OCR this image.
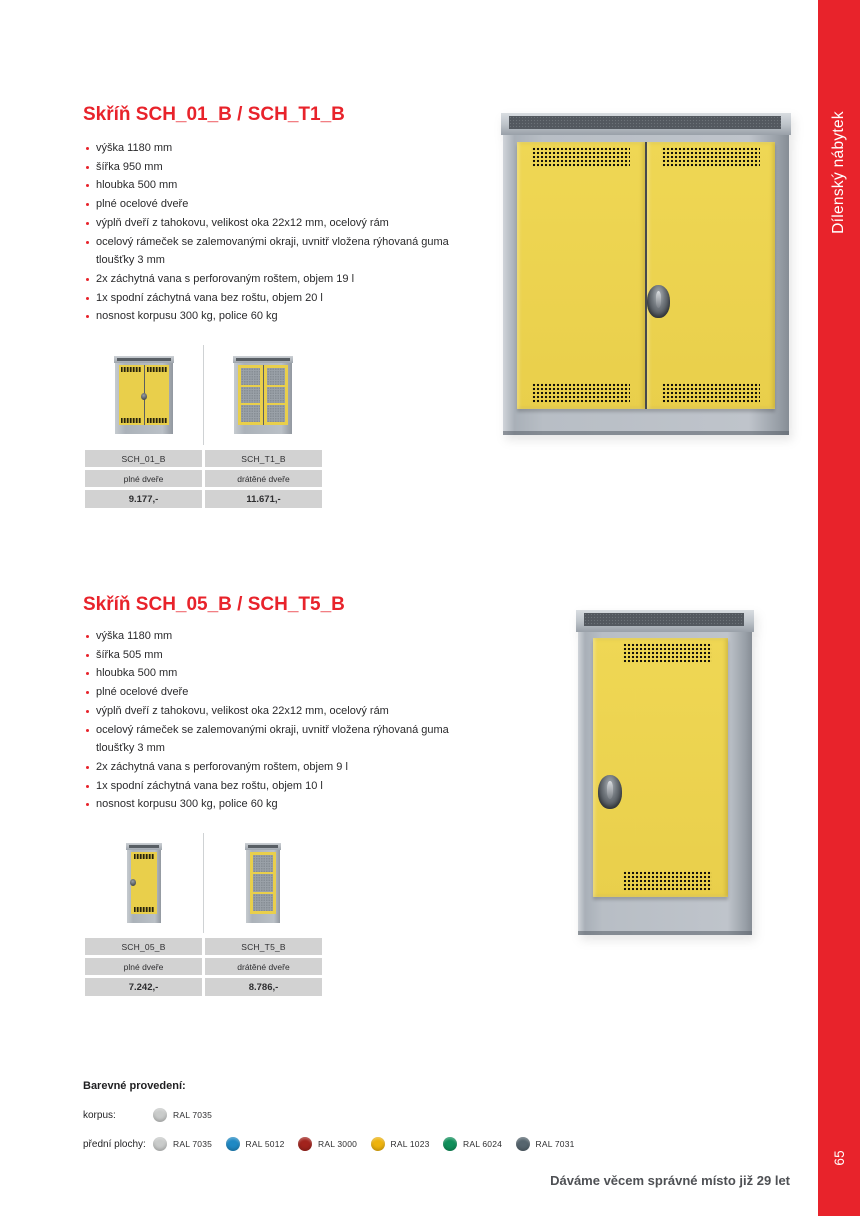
Dílenský nábytek
65
Skříň SCH_01_B / SCH_T1_B
výška 1180 mm
šířka 950 mm
hloubka 500 mm
plné ocelové dveře
výplň dveří z tahokovu, velikost oka 22x12 mm, ocelový rám
ocelový rámeček se zalemovanými okraji, uvnitř vložena rýhovaná guma tloušťky 3 mm
2x záchytná vana s perforovaným roštem, objem 19 l
1x spodní záchytná vana bez roštu, objem 20 l
nosnost korpusu 300 kg, police 60 kg
SCH_01_B	SCH_T1_B
plné dveře	drátěné dveře
9.177,-	11.671,-
Skříň SCH_05_B / SCH_T5_B
výška 1180 mm
šířka 505 mm
hloubka 500 mm
plné ocelové dveře
výplň dveří z tahokovu, velikost oka 22x12 mm, ocelový rám
ocelový rámeček se zalemovanými okraji, uvnitř vložena rýhovaná guma tloušťky 3 mm
2x záchytná vana s perforovaným roštem, objem 9 l
1x spodní záchytná vana bez roštu, objem 10 l
nosnost korpusu 300 kg, police 60 kg
SCH_05_B	SCH_T5_B
plné dveře	drátěné dveře
7.242,-	8.786,-
Barevné provedení:
korpus:	RAL 7035
přední plochy:	RAL 7035	RAL 5012	RAL 3000	RAL 1023	RAL 6024	RAL 7031
Dáváme věcem správné místo již 29 let
